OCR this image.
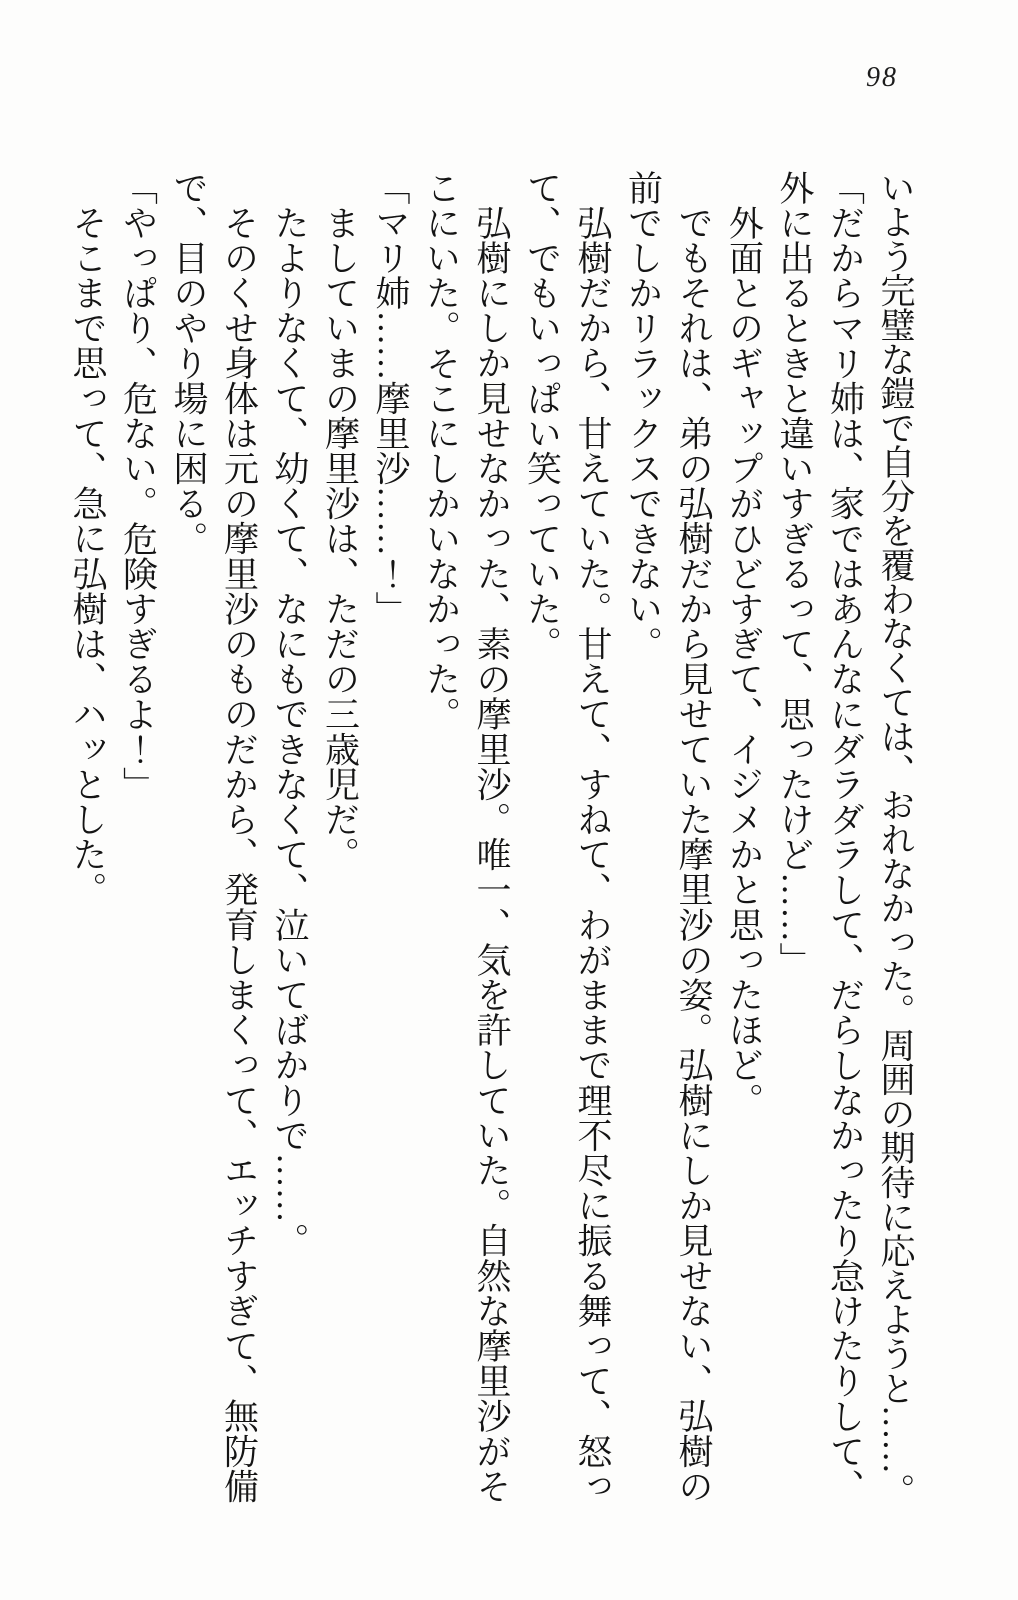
98

いよう完璧な鎧で自分を覆わなくては、おれなかった。周囲の期待に応えようと……。

「だからマリ姉は、家ではあんなにダラダラして、だらしなかったり怠けたりして、外に出るときと違いすぎるって、思ったけど……」

外面とのギャップがひどすぎて、イジメかと思ったほど。

でもそれは、弟の弘樹だから見せていた摩里沙の姿。弘樹にしか見せない、弘樹の前でしかリラックスできない。

弘樹だから、甘えていた。甘えて、すねて、わがままで理不尽に振る舞って、怒って、でもいっぱい笑っていた。

弘樹にしか見せなかった、素の摩里沙。唯一、気を許していた。自然な摩里沙がそこにいた。そこにしかいなかった。

「マリ姉……摩里沙……！」

ましていまの摩里沙は、ただの三歳児だ。

たよりなくて、幼くて、なにもできなくて、泣いてばかりで……。

そのくせ身体は元の摩里沙のものだから、発育しまくって、エッチすぎて、無防備で、目のやり場に困る。

「やっぱり、危ない。危険すぎるよ！」

そこまで思って、急に弘樹は、ハッとした。
